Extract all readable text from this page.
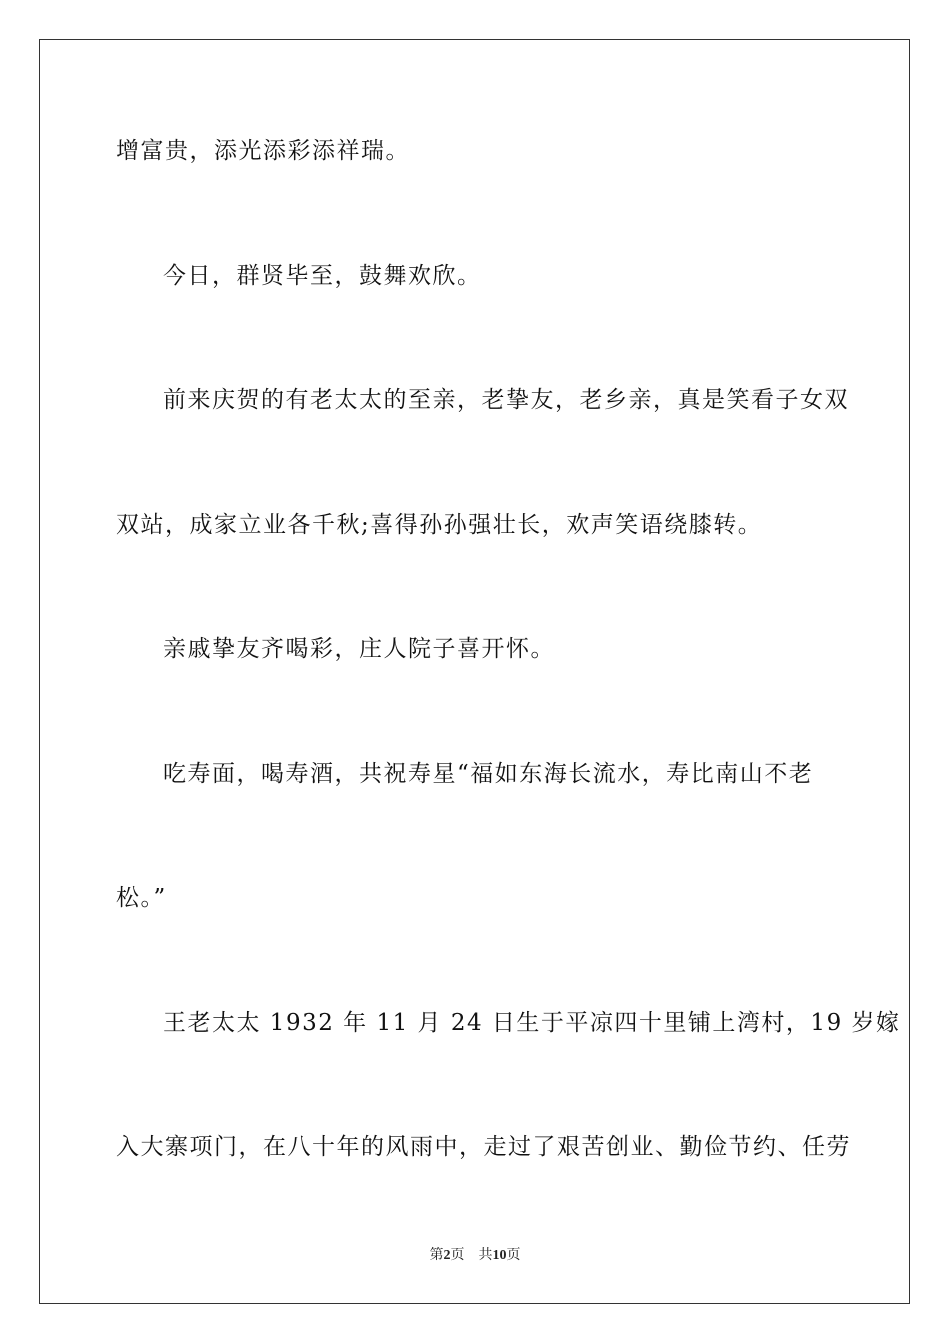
增富贵，添光添彩添祥瑞。
今日，群贤毕至，鼓舞欢欣。
前来庆贺的有老太太的至亲，老挚友，老乡亲，真是笑看子女双
双站，成家立业各千秋;喜得孙孙强壮长，欢声笑语绕膝转。
亲戚挚友齐喝彩，庄人院子喜开怀。
吃寿面，喝寿酒，共祝寿星“福如东海长流水，寿比南山不老
松。”
王老太太 1932 年 11 月 24 日生于平凉四十里铺上湾村，19 岁嫁
入大寨项门，在八十年的风雨中，走过了艰苦创业、勤俭节约、任劳
第2页 共10页
